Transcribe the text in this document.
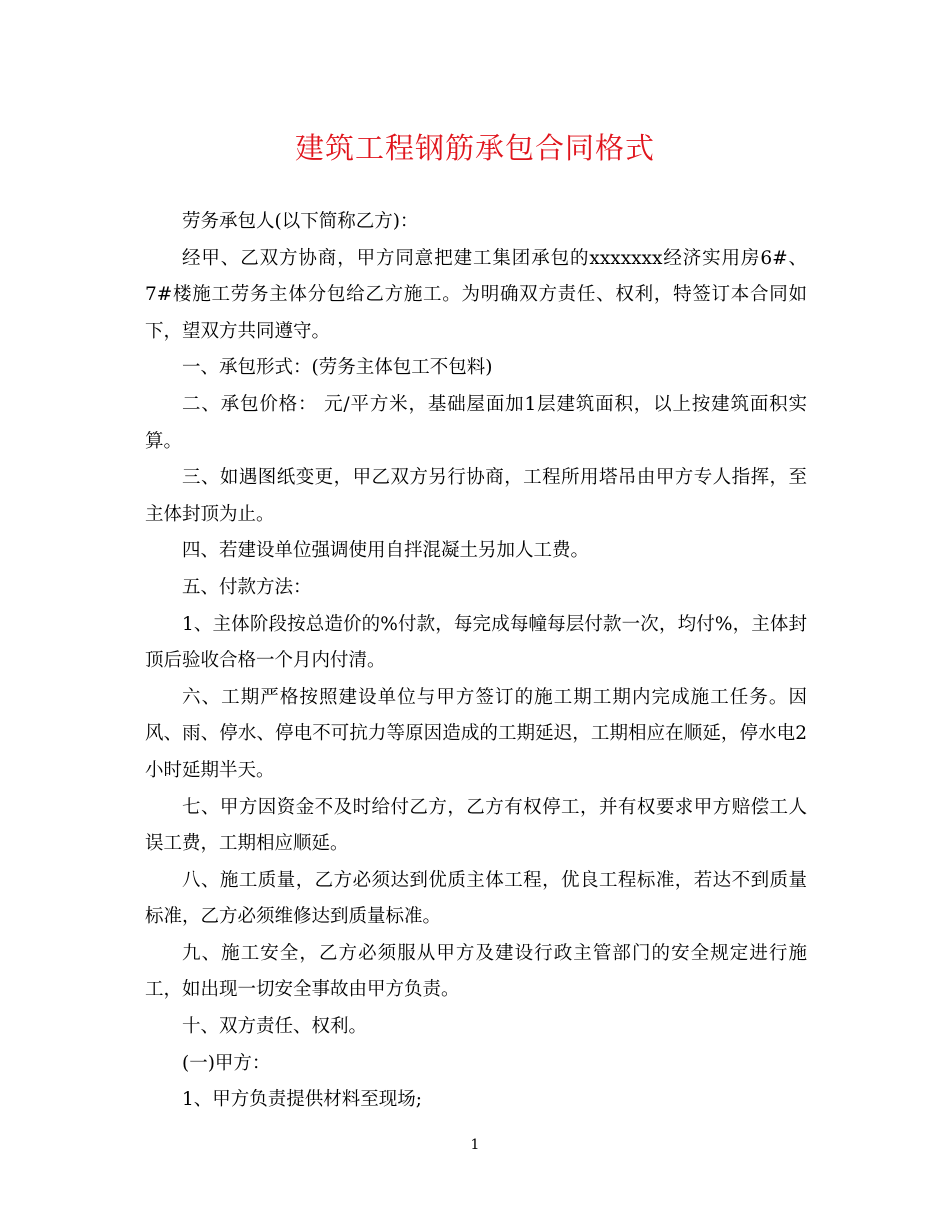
建筑工程钢筋承包合同格式

劳务承包人(以下简称乙方)：

经甲、乙双方协商，甲方同意把建工集团承包的xxxxxxx经济实用房6#、7#楼施工劳务主体分包给乙方施工。为明确双方责任、权利，特签订本合同如下，望双方共同遵守。

一、承包形式：(劳务主体包工不包料)

二、承包价格： 元/平方米，基础屋面加1层建筑面积，以上按建筑面积实算。

三、如遇图纸变更，甲乙双方另行协商，工程所用塔吊由甲方专人指挥，至主体封顶为止。

四、若建设单位强调使用自拌混凝土另加人工费。

五、付款方法：

1、主体阶段按总造价的%付款，每完成每幢每层付款一次，均付%，主体封顶后验收合格一个月内付清。

六、工期严格按照建设单位与甲方签订的施工期工期内完成施工任务。因风、雨、停水、停电不可抗力等原因造成的工期延迟，工期相应在顺延，停水电2小时延期半天。

七、甲方因资金不及时给付乙方，乙方有权停工，并有权要求甲方赔偿工人误工费，工期相应顺延。

八、施工质量，乙方必须达到优质主体工程，优良工程标准，若达不到质量标准，乙方必须维修达到质量标准。

九、施工安全，乙方必须服从甲方及建设行政主管部门的安全规定进行施工，如出现一切安全事故由甲方负责。

十、双方责任、权利。

(一)甲方：

1、甲方负责提供材料至现场;

1
